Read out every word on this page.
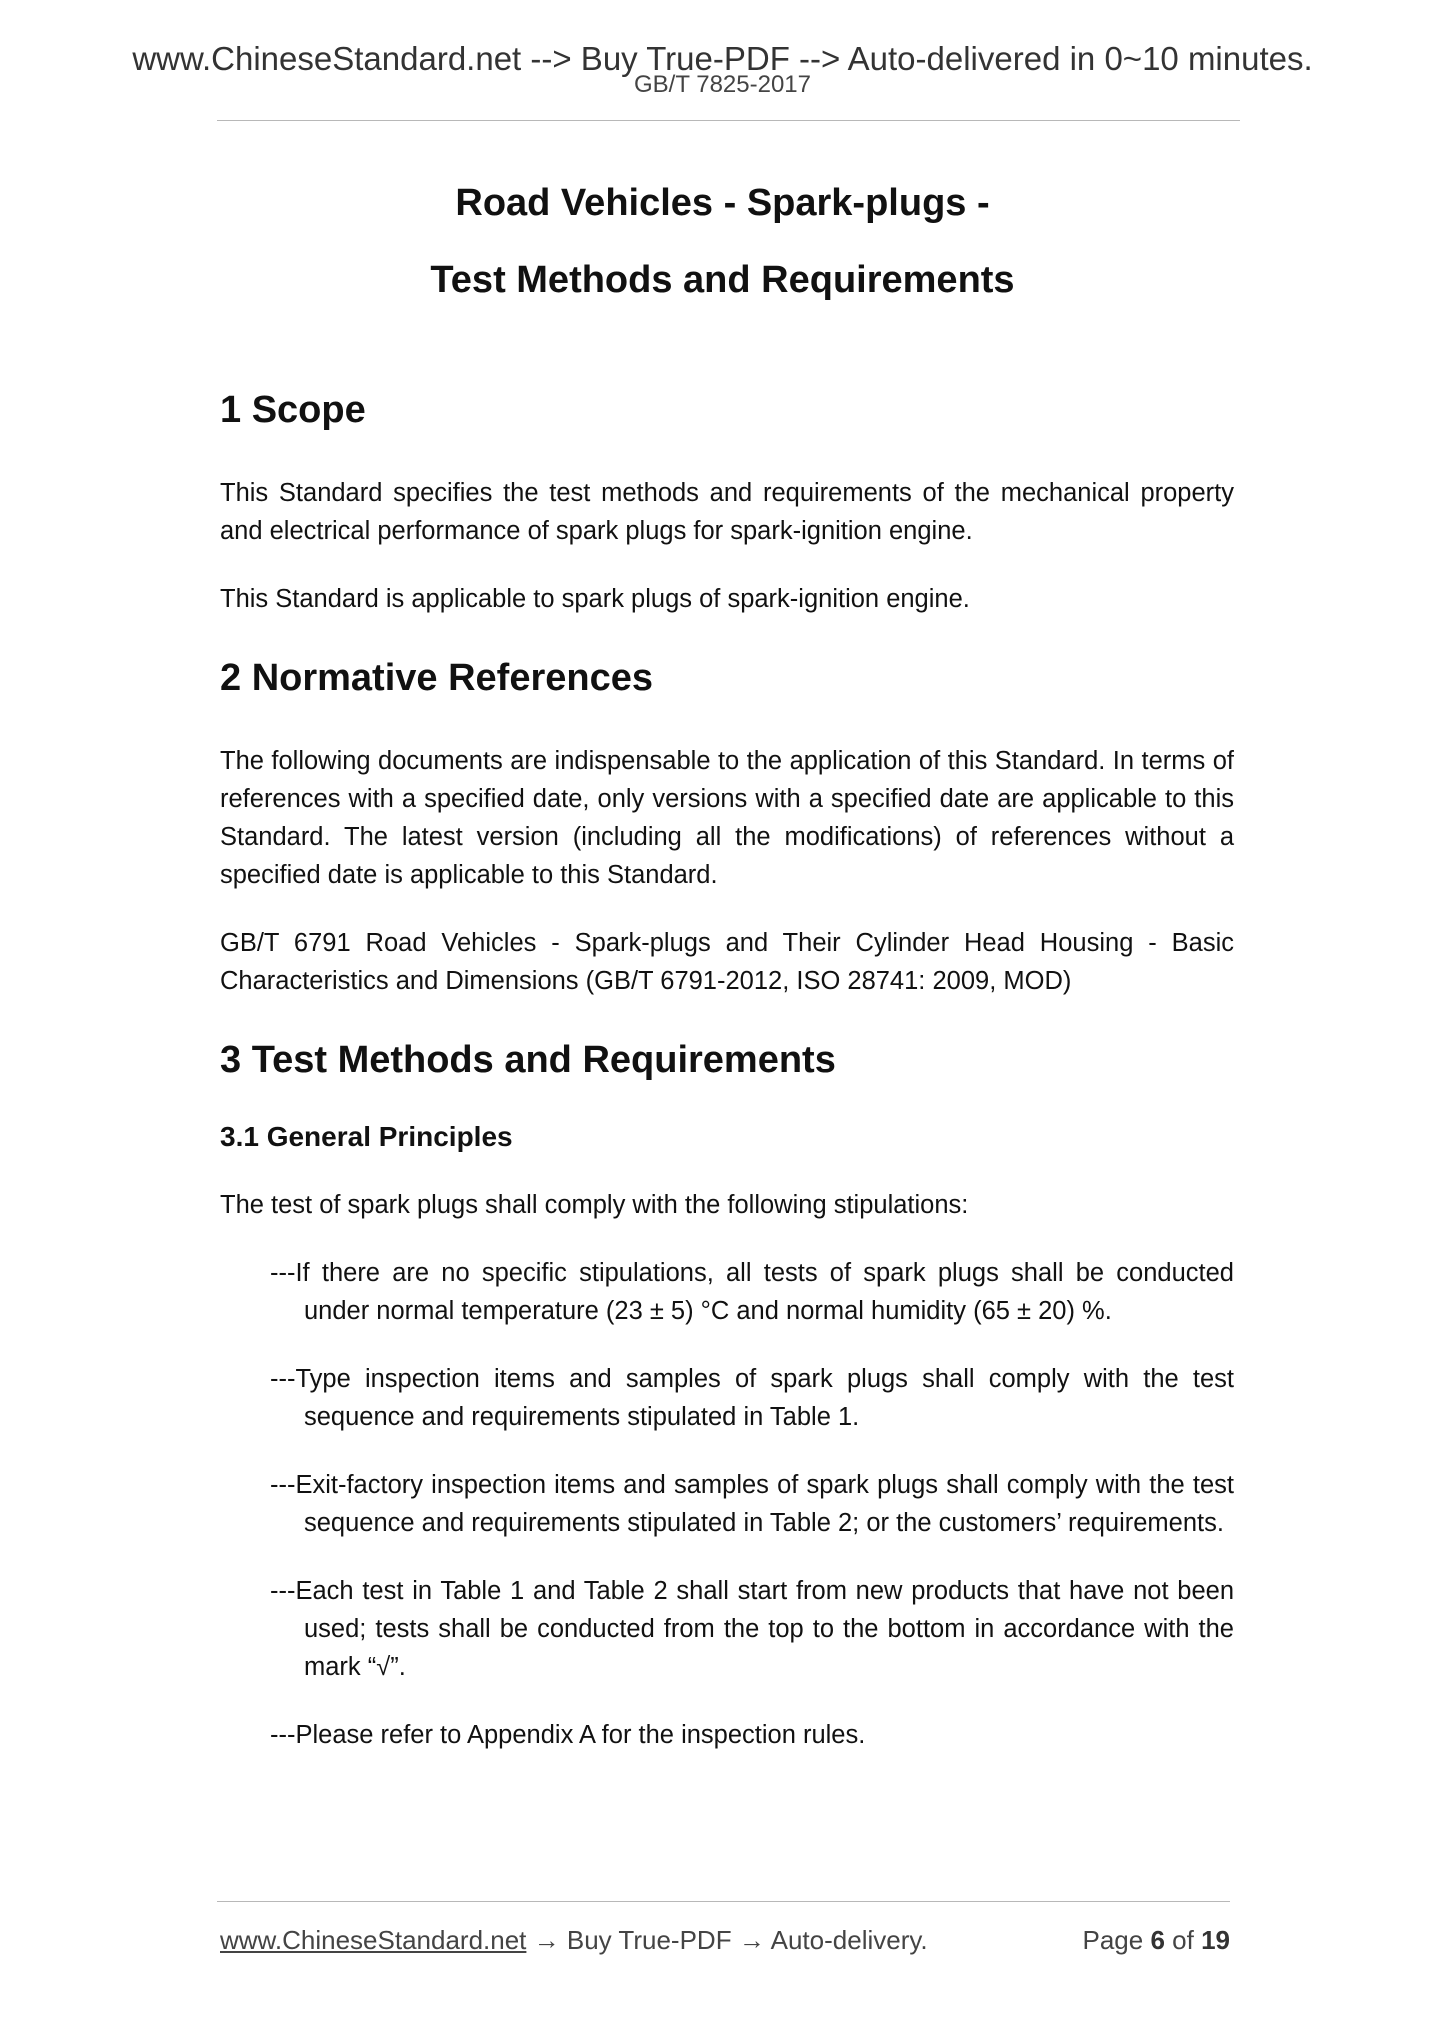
www.ChineseStandard.net --> Buy True-PDF --> Auto-delivered in 0~10 minutes.
GB/T 7825-2017
Road Vehicles - Spark-plugs -
Test Methods and Requirements
1 Scope
This Standard specifies the test methods and requirements of the mechanical property and electrical performance of spark plugs for spark-ignition engine.
This Standard is applicable to spark plugs of spark-ignition engine.
2 Normative References
The following documents are indispensable to the application of this Standard. In terms of references with a specified date, only versions with a specified date are applicable to this Standard. The latest version (including all the modifications) of references without a specified date is applicable to this Standard.
GB/T 6791 Road Vehicles - Spark-plugs and Their Cylinder Head Housing - Basic Characteristics and Dimensions (GB/T 6791-2012, ISO 28741: 2009, MOD)
3 Test Methods and Requirements
3.1 General Principles
The test of spark plugs shall comply with the following stipulations:
---If there are no specific stipulations, all tests of spark plugs shall be conducted under normal temperature (23 ± 5) °C and normal humidity (65 ± 20) %.
---Type inspection items and samples of spark plugs shall comply with the test sequence and requirements stipulated in Table 1.
---Exit-factory inspection items and samples of spark plugs shall comply with the test sequence and requirements stipulated in Table 2; or the customers’ requirements.
---Each test in Table 1 and Table 2 shall start from new products that have not been used; tests shall be conducted from the top to the bottom in accordance with the mark “√”.
---Please refer to Appendix A for the inspection rules.
www.ChineseStandard.net → Buy True-PDF → Auto-delivery.	Page 6 of 19
